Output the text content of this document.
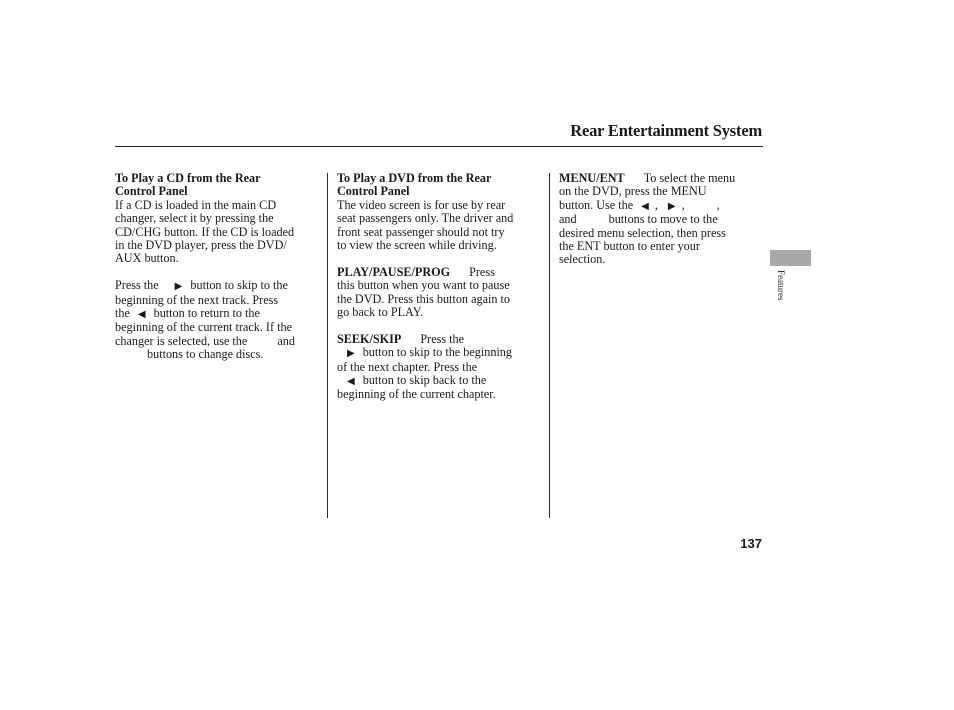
Rear Entertainment System
To Play a CD from the Rear
Control Panel
If a CD is loaded in the main CD
changer, select it by pressing the
CD/CHG button. If the CD is loaded
in the DVD player, press the DVD/
AUX button.
Press the ▶ button to skip to the
beginning of the next track. Press
the ◀ button to return to the
beginning of the current track. If the
changer is selected, use the and
buttons to change discs.
To Play a DVD from the Rear
Control Panel
The video screen is for use by rear
seat passengers only. The driver and
front seat passenger should not try
to view the screen while driving.
PLAY/PAUSE/PROG Press
this button when you want to pause
the DVD. Press this button again to
go back to PLAY.
SEEK/SKIP Press the
▶ button to skip to the beginning
of the next chapter. Press the
◀ button to skip back to the
beginning of the current chapter.
MENU/ENT To select the menu
on the DVD, press the MENU
button. Use the ◀ , ▶ ,	,
and	buttons to move to the
desired menu selection, then press
the ENT button to enter your
selection.
Features
137
